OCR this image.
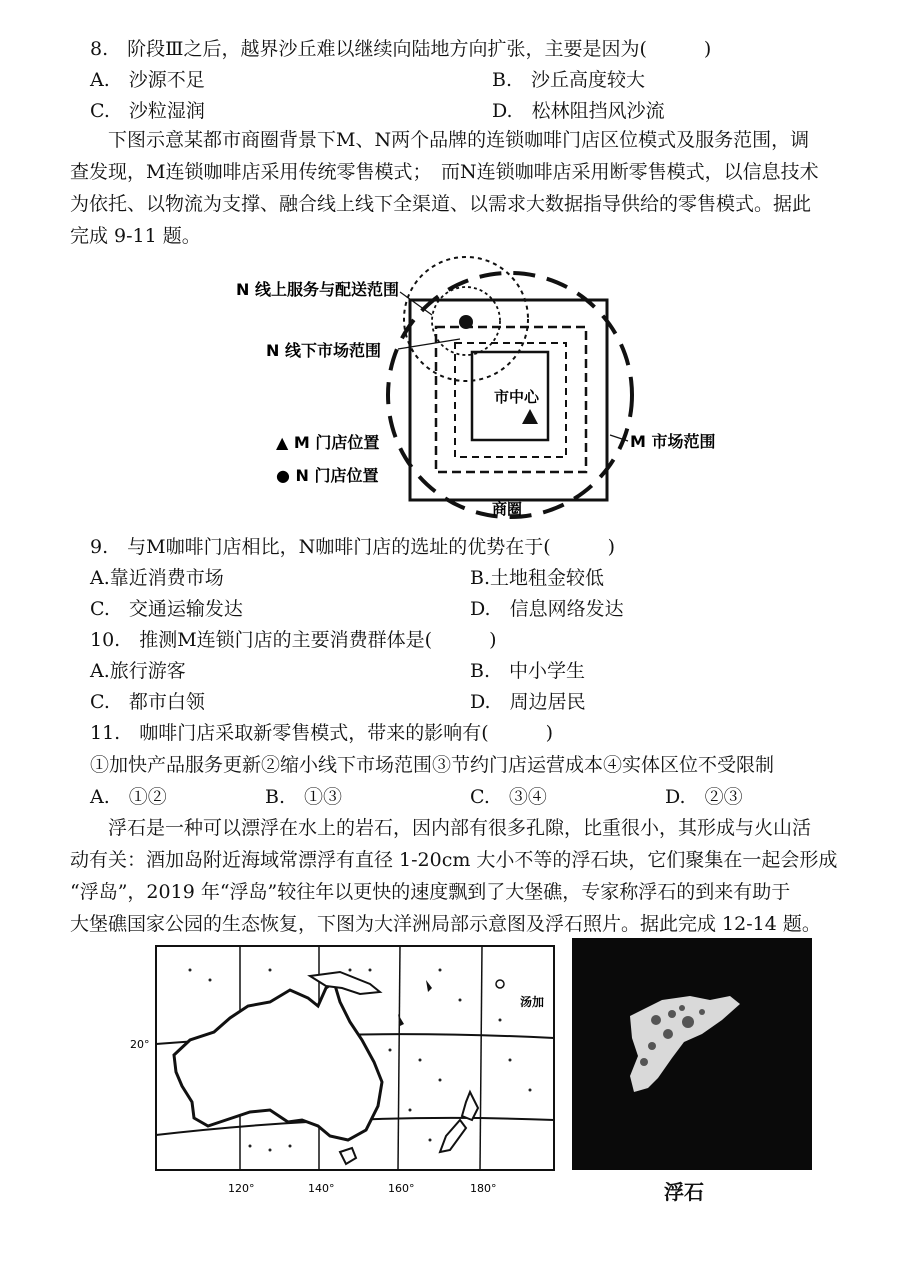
8.　阶段Ⅲ之后，越界沙丘难以继续向陆地方向扩张，主要是因为(　　　)
A.　沙源不足	B.　沙丘高度较大
C.　沙粒湿润	D.　松林阻挡风沙流
　　下图示意某都市商圈背景下M、N两个品牌的连锁咖啡门店区位模式及服务范围，调
查发现，M连锁咖啡店采用传统零售模式；　而N连锁咖啡店采用断零售模式，以信息技术
为依托、以物流为支撑、融合线上线下全渠道、以需求大数据指导供给的零售模式。据此
完成 9-11 题。
N 线上服务与配送范围
N 线下市场范围
市中心
▲ M 门店位置
● N 门店位置
M 市场范围
商圈
9.　与M咖啡门店相比，N咖啡门店的选址的优势在于(　　　)
A.靠近消费市场	B.土地租金较低
C.　交通运输发达	D.　信息网络发达
10.　推测M连锁门店的主要消费群体是(　　　)
A.旅行游客	B.　中小学生
C.　都市白领	D.　周边居民
11.　咖啡门店采取新零售模式，带来的影响有(　　　)
①加快产品服务更新②缩小线下市场范围③节约门店运营成本④实体区位不受限制
A.　①②	B.　①③	C.　③④	D.　②③
　　浮石是一种可以漂浮在水上的岩石，因内部有很多孔隙，比重很小，其形成与火山活
动有关：酒加岛附近海域常漂浮有直径 1-20cm 大小不等的浮石块，它们聚集在一起会形成
“浮岛”，2019 年“浮岛”较往年以更快的速度飘到了大堡礁，专家称浮石的到来有助于
大堡礁国家公园的生态恢复，下图为大洋洲局部示意图及浮石照片。据此完成 12-14 题。
20°
120°	140°	160°	180°
汤加
浮石
